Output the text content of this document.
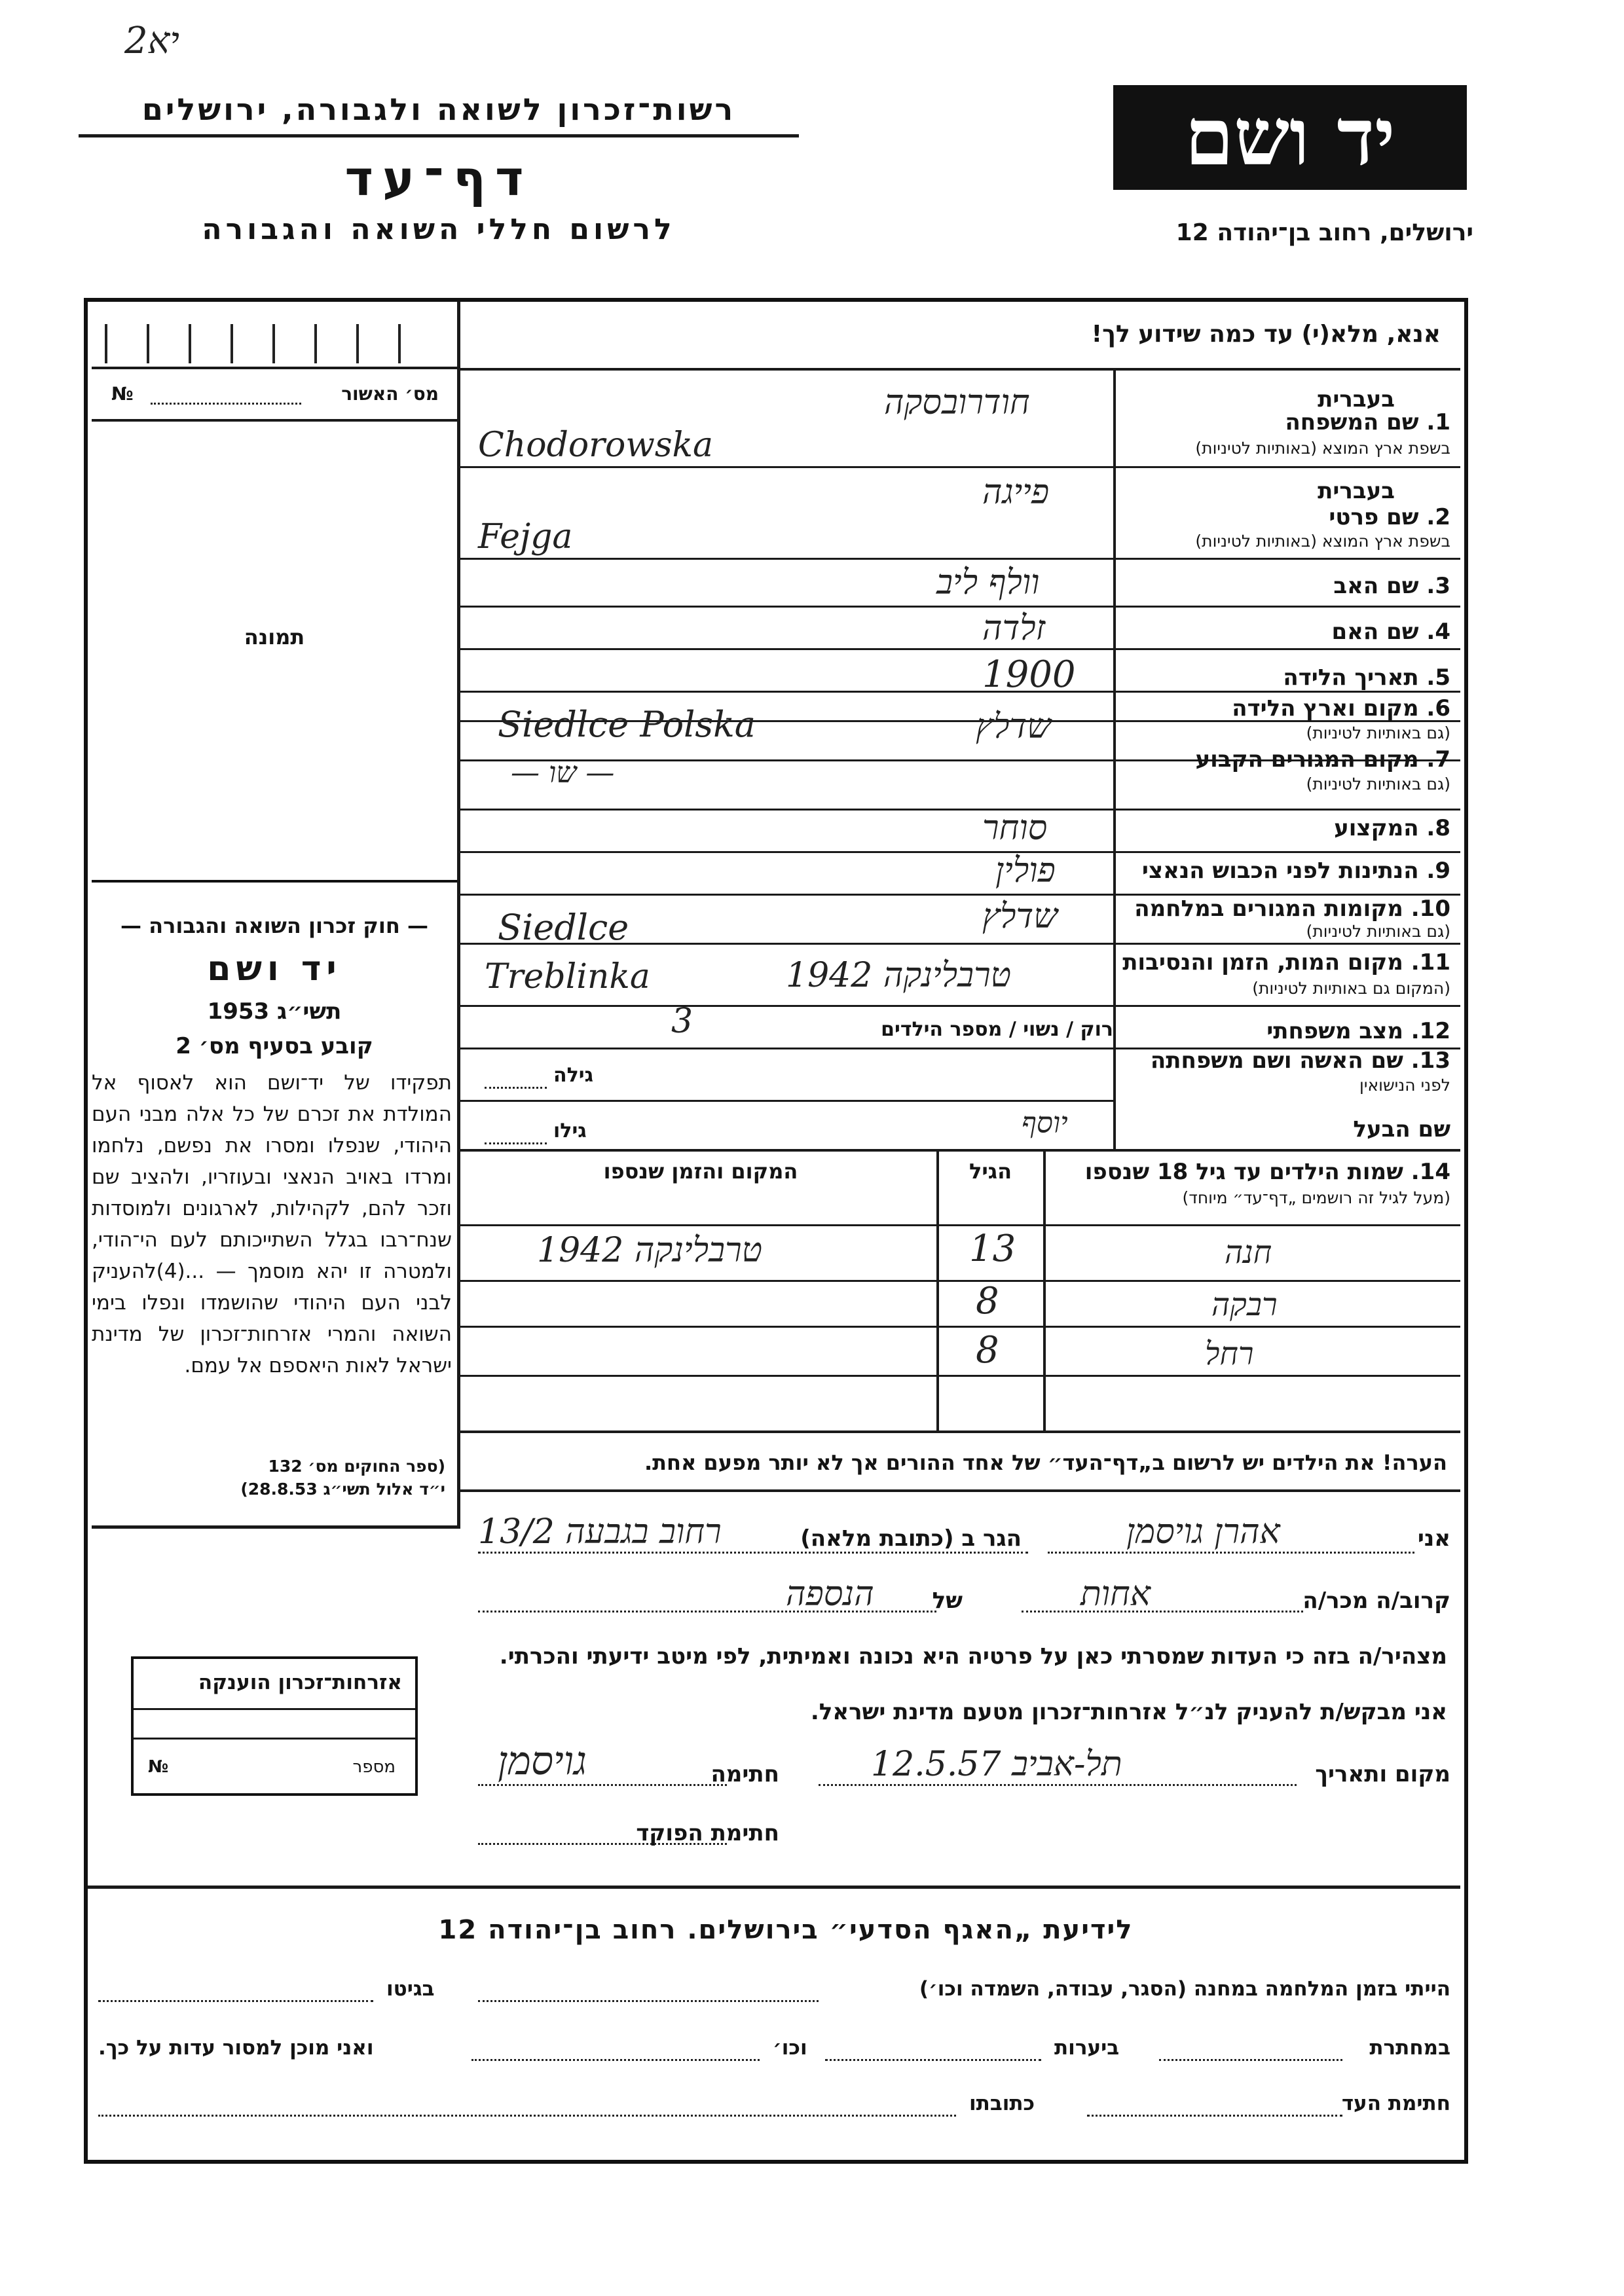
2יא
רשות־זכרון לשואה ולגבורה, ירושלים
דף־עד
לרשום חללי השואה והגבורה
יד ושם
ירושלים, רחוב בן־יהודה 12
אנא, מלא(י) עד כמה שידוע לך!
מס׳ האשור
№
תמונה
— חוק זכרון השואה והגבורה —
יד ושם
תשי״ג 1953
קובע בסעיף מס׳ 2
תפקידו של יד־ושם הוא לאסוף אל המולדת את זכרם של כל אלה מבני העם היהודי, שנפלו ומסרו את נפשם, נלחמו ומרדו באויב הנאצי ובעוזריו, ולהציב שם וזכר להם, לקהילות, לארגונים ולמוסדות שנח־רבו בגלל השתייכותם לעם הי־הודי, ולמטרה זו יהא מוסמך — ...(4)להעניק לבני העם היהודי שהושמדו ונפלו בימי השואה והמרי אזרחות־זכרון של מדינת ישראל לאות היאספם אל עמם.
(ספר החוקים מס׳ 132
י״ד אלול תשי״ג 28.8.53)
אזרחות־זכרון הוענקה
מספר
№
בעברית
1. שם המשפחה
בשפת ארץ המוצא (באותיות לטיניות)
חודרובסקה
Chodorowska
בעברית
2. שם פרטי
בשפת ארץ המוצא (באותיות לטיניות)
פייגה
Fejga
3. שם האב
וולף ליב
4. שם האם
זלדה
5. תאריך הלידה
1900
6. מקום וארץ הלידה
(גם באותיות לטיניות)
שדלץ
Siedlce Polska
7. מקום המגורים הקבוע
(גם באותיות לטיניות)
— שו —
8. המקצוע
סוחר
9. הנתינות לפני הכבוש הנאצי
פולין
10. מקומות המגורים במלחמה
(גם באותיות לטיניות)
שדלץ
Siedlce
11. מקום המות, הזמן והנסיבות
(המקום גם באותיות לטיניות)
טרבלינקה 1942
Treblinka
12. מצב משפחתי
רוק / נשוי / מספר הילדים
3
13. שם האשה ושם משפחתה
לפני הנישואין
גילה
שם הבעל
יוסף
גילו
14. שמות הילדים עד גיל 18 שנספו
(מעל לגיל זה רושמים „דף־עד״ מיוחד)
הגיל
המקום והזמן שנספו
חנה
13
טרבלינקה 1942
רבקה
8
רחל
8
הערה! את הילדים יש לרשום ב„דף־העד״ של אחד ההורים אך לא יותר מפעם אחת.
אני
אהרן גויסמן
הגר ב (כתובת מלאה)
רחוב בגבעה 13/2
קרוב/ה מכר/ה
אחות
של
הנספה
מצהיר/ה בזה כי העדות שמסרתי כאן על פרטיה היא נכונה ואמיתית, לפי מיטב ידיעתי והכרתי.
אני מבקש/ת להעניק לנ״ל אזרחות־זכרון מטעם מדינת ישראל.
מקום ותאריך
תל-אביב 12.5.57
חתימה
גויסמן
חתימת הפוקד
לידיעת „האגף הסדעי״ בירושלים. רחוב בן־יהודה 12
הייתי בזמן המלחמה במחנה (הסגר, עבודה, השמדה וכו׳)
בגיטו
במחתרת
ביערות
וכו׳
ואני מוכן למסור עדות על כך.
חתימת העד
כתובתו
